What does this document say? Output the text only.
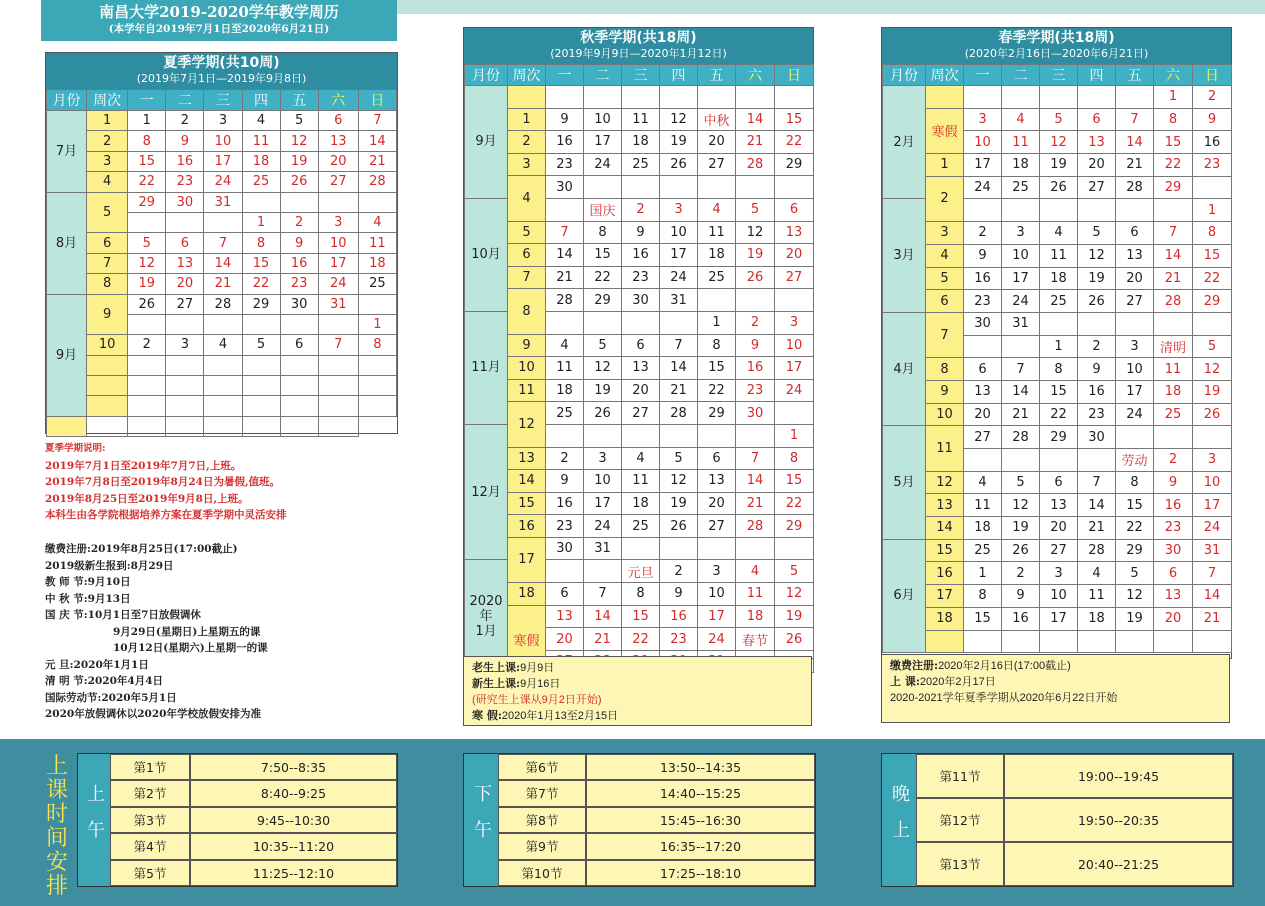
南昌大学2019-2020学年教学周历
(本学年自2019年7月1日至2020年6月21日)
夏季学期(共10周)
(2019年7月1日—2019年9月8日)
月份	周次	一	二	三	四	五	六	日
7月	1	1	2	3	4	5	6	7
	2	8	9	10	11	12	13	14
	3	15	16	17	18	19	20	21
	4	22	23	24	25	26	27	28
8月	5	29	30	31				
					1	2	3	4
	6	5	6	7	8	9	10	11
	7	12	13	14	15	16	17	18
	8	19	20	21	22	23	24	25
9月	9	26	27	28	29	30	31	
								1
	10	2	3	4	5	6	7	8

秋季学期(共18周)
(2019年9月9日—2020年1月12日)
月份	周次	一	二	三	四	五	六	日
9月								
	1	9	10	11	12	中秋	14	15
	2	16	17	18	19	20	21	22
	3	23	24	25	26	27	28	29
	4	30						
10月			国庆	2	3	4	5	6
	5	7	8	9	10	11	12	13
	6	14	15	16	17	18	19	20
	7	21	22	23	24	25	26	27
	8	28	29	30	31			
11月						1	2	3
	9	4	5	6	7	8	9	10
	10	11	12	13	14	15	16	17
	11	18	19	20	21	22	23	24
	12	25	26	27	28	29	30	
12月								1
	13	2	3	4	5	6	7	8
	14	9	10	11	12	13	14	15
	15	16	17	18	19	20	21	22
	16	23	24	25	26	27	28	29
	17	30	31					
2020年
1月				元旦	2	3	4	5
	18	6	7	8	9	10	11	12
	寒假	13	14	15	16	17	18	19
		20	21	22	23	24	春节	26

老生上课:9月9日
新生上课:9月16日
(研究生上课从9月2日开始)
寒 假:2020年1月13至2月15日
春季学期(共18周)
(2020年2月16日—2020年6月21日)
月份	周次	一	二	三	四	五	六	日
2月							1	2
	寒假	3	4	5	6	7	8	9
		10	11	12	13	14	15	16
	1	17	18	19	20	21	22	23
	2	24	25	26	27	28	29	
3月								1
	3	2	3	4	5	6	7	8
	4	9	10	11	12	13	14	15
	5	16	17	18	19	20	21	22
	6	23	24	25	26	27	28	29
4月	7	30	31					
				1	2	3	清明	5
	8	6	7	8	9	10	11	12
	9	13	14	15	16	17	18	19
	10	20	21	22	23	24	25	26
5月	11	27	28	29	30			
						劳动	2	3
	12	4	5	6	7	8	9	10
	13	11	12	13	14	15	16	17
	14	18	19	20	21	22	23	24
6月	15	25	26	27	28	29	30	31
	16	1	2	3	4	5	6	7
	17	8	9	10	11	12	13	14
	18	15	16	17	18	19	20	21

缴费注册:2020年2月16日(17:00截止)
上 课:2020年2月17日
2020-2021学年夏季学期从2020年6月22日开始
夏季学期说明:
2019年7月1日至2019年7月7日,上班。
2019年7月8日至2019年8月24日为暑假,值班。
2019年8月25日至2019年9月8日,上班。
本科生由各学院根据培养方案在夏季学期中灵活安排
缴费注册:2019年8月25日(17:00截止)
2019级新生报到:8月29日
教 师 节:9月10日
中 秋 节:9月13日
国 庆 节:10月1日至7日放假调休
9月29日(星期日)上星期五的课
10月12日(星期六)上星期一的课
元 旦:2020年1月1日
清 明 节:2020年4月4日
国际劳动节:2020年5月1日
2020年放假调休以2020年学校放假安排为准
上
课
时
间
安
排
上午
第1节	7:50--8:35
第2节	8:40--9:25
第3节	9:45--10:30
第4节	10:35--11:20
第5节	11:25--12:10
下午
第6节	13:50--14:35
第7节	14:40--15:25
第8节	15:45--16:30
第9节	16:35--17:20
第10节	17:25--18:10
晚上
第11节	19:00--19:45
第12节	19:50--20:35
第13节	20:40--21:25
